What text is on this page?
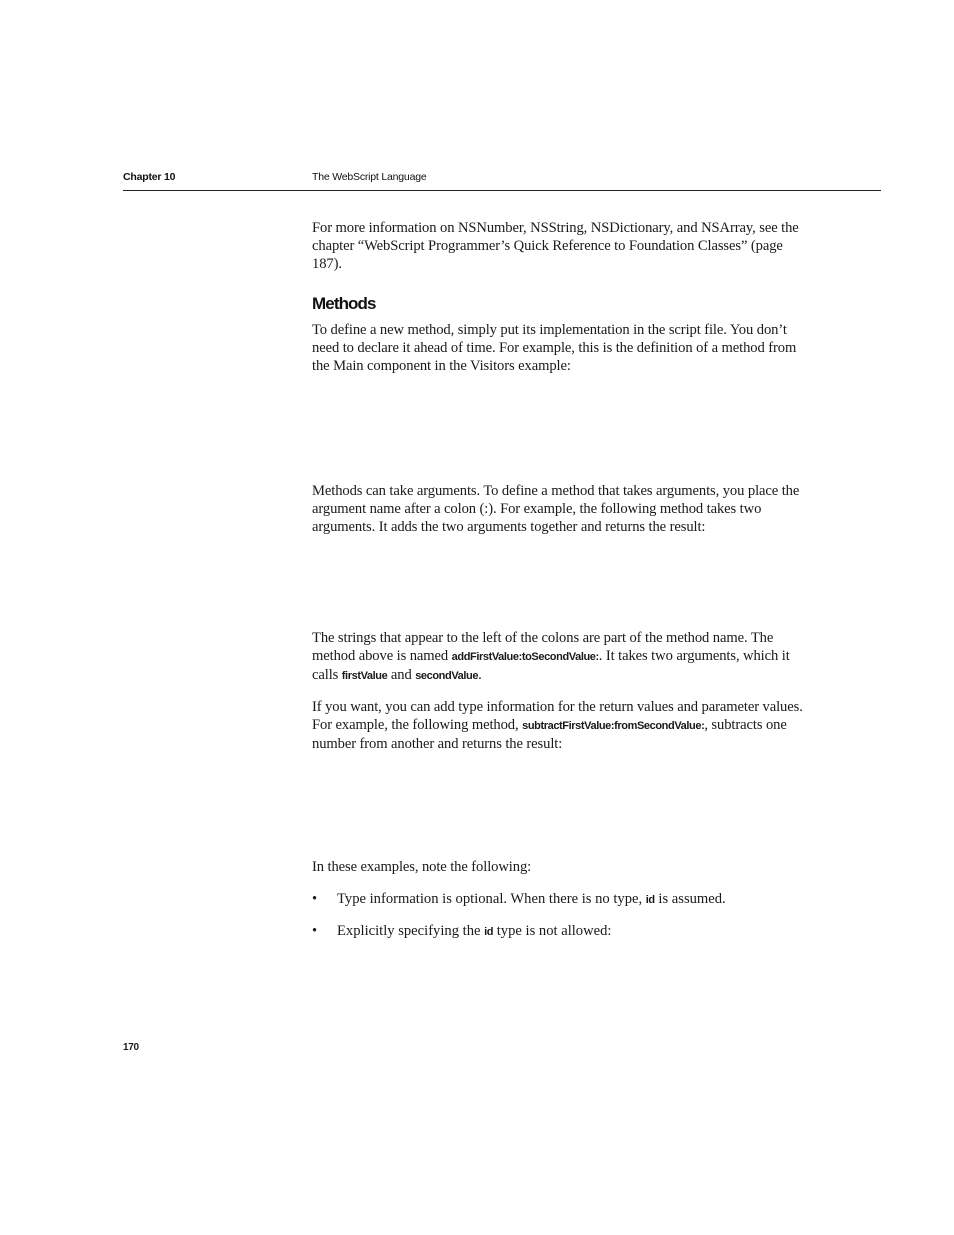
Chapter 10	The WebScript Language

For more information on NSNumber, NSString, NSDictionary, and NSArray, see the chapter “WebScript Programmer’s Quick Reference to Foundation Classes” (page 187).

Methods

To define a new method, simply put its implementation in the script file. You don’t need to declare it ahead of time. For example, this is the definition of a method from the Main component in the Visitors example:

Methods can take arguments. To define a method that takes arguments, you place the argument name after a colon (:). For example, the following method takes two arguments. It adds the two arguments together and returns the result:

The strings that appear to the left of the colons are part of the method name. The method above is named addFirstValue:toSecondValue:. It takes two arguments, which it calls firstValue and secondValue.

If you want, you can add type information for the return values and parameter values. For example, the following method, subtractFirstValue:fromSecondValue:, subtracts one number from another and returns the result:

In these examples, note the following:

• Type information is optional. When there is no type, id is assumed.
• Explicitly specifying the id type is not allowed:
170
